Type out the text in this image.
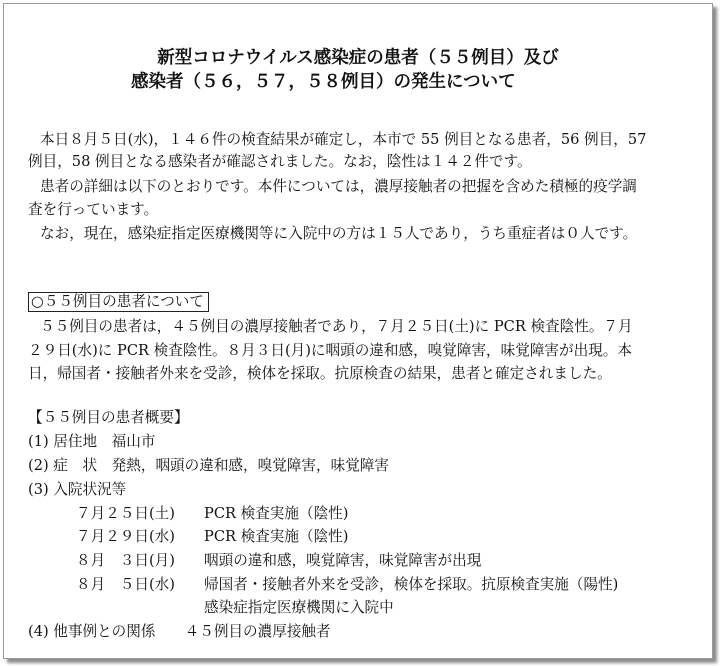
新型コロナウイルス感染症の患者（５５例目）及び
感染者（５６，５７，５８例目）の発生について
本日８月５日(水)，１４６件の検査結果が確定し，本市で 55 例目となる患者，56 例目，57
例目，58 例目となる感染者が確認されました。なお，陰性は１４２件です。
患者の詳細は以下のとおりです。本件については，濃厚接触者の把握を含めた積極的疫学調
査を行っています。
なお，現在，感染症指定医療機関等に入院中の方は１５人であり，うち重症者は０人です。
○５５例目の患者について
５５例目の患者は，４５例目の濃厚接触者であり，７月２５日(土)に PCR 検査陰性。７月
２９日(水)に PCR 検査陰性。８月３日(月)に咽頭の違和感，嗅覚障害，味覚障害が出現。本
日，帰国者・接触者外来を受診，検体を採取。抗原検査の結果，患者と確定されました。
【５５例目の患者概要】
(1) 居住地　福山市
(2) 症　状　発熱，咽頭の違和感，嗅覚障害，味覚障害
(3) 入院状況等
７月２５日(土) PCR 検査実施（陰性)
７月２９日(水) PCR 検査実施（陰性)
８月　３日(月) 咽頭の違和感，嗅覚障害，味覚障害が出現
８月　５日(水) 帰国者・接触者外来を受診，検体を採取。抗原検査実施（陽性)
感染症指定医療機関に入院中
(4) 他事例との関係　　４５例目の濃厚接触者
